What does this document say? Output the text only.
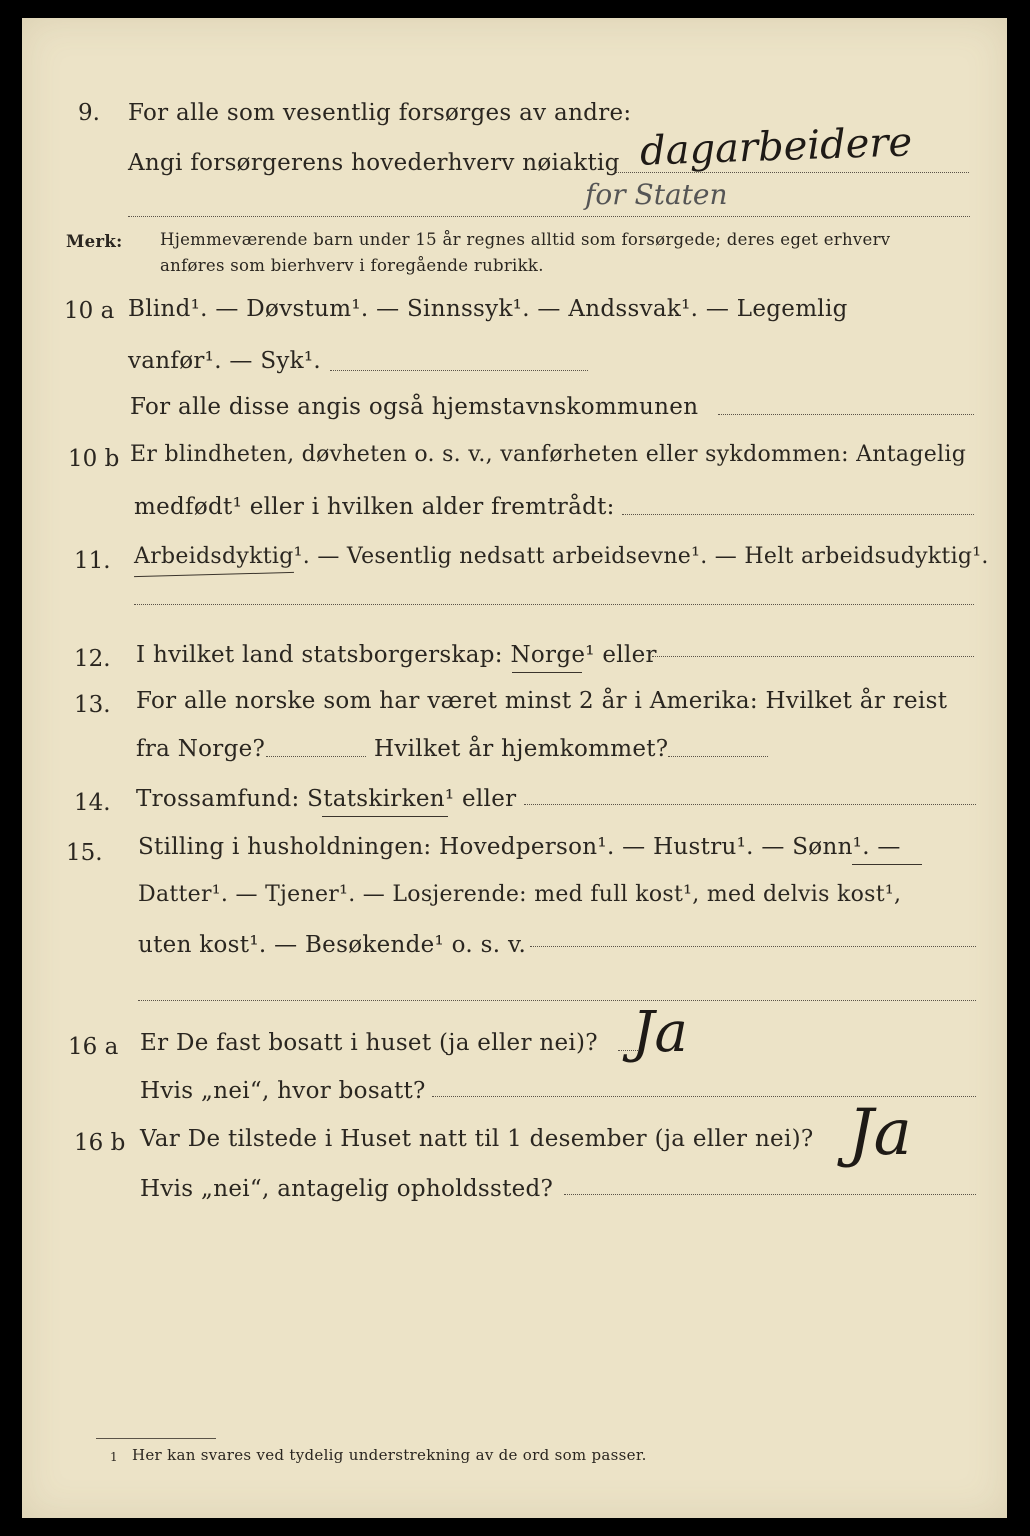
9. For alle som vesentlig forsørges av andre:
Angi forsørgerens hovederhverv nøiaktig dagarbeidere
for Staten
Merk: Hjemmeværende barn under 15 år regnes alltid som forsørgede; deres eget erhverv
anføres som bierhverv i foregående rubrikk.
10 a Blind¹. — Døvstum¹. — Sinnssyk¹. — Andssvak¹. — Legemlig
vanfør¹. — Syk¹.
For alle disse angis også hjemstavnskommunen
10 b Er blindheten, døvheten o. s. v., vanførheten eller sykdommen: Antagelig
medfødt¹ eller i hvilken alder fremtrådt:
11. Arbeidsdyktig¹. — Vesentlig nedsatt arbeidsevne¹. — Helt arbeidsudyktig¹.
12. I hvilket land statsborgerskap: Norge¹ eller
13. For alle norske som har været minst 2 år i Amerika: Hvilket år reist
fra Norge?	Hvilket år hjemkommet?
14. Trossamfund: Statskirken¹ eller
15. Stilling i husholdningen: Hovedperson¹. — Hustru¹. — Sønn¹. —
Datter¹. — Tjener¹. — Losjerende: med full kost¹, med delvis kost¹,
uten kost¹. — Besøkende¹ o. s. v.
16 a Er De fast bosatt i huset (ja eller nei)? Ja
Hvis „nei“, hvor bosatt?
16 b Var De tilstede i Huset natt til 1 desember (ja eller nei)? Ja
Hvis „nei“, antagelig opholdssted?
1 Her kan svares ved tydelig understrekning av de ord som passer.
